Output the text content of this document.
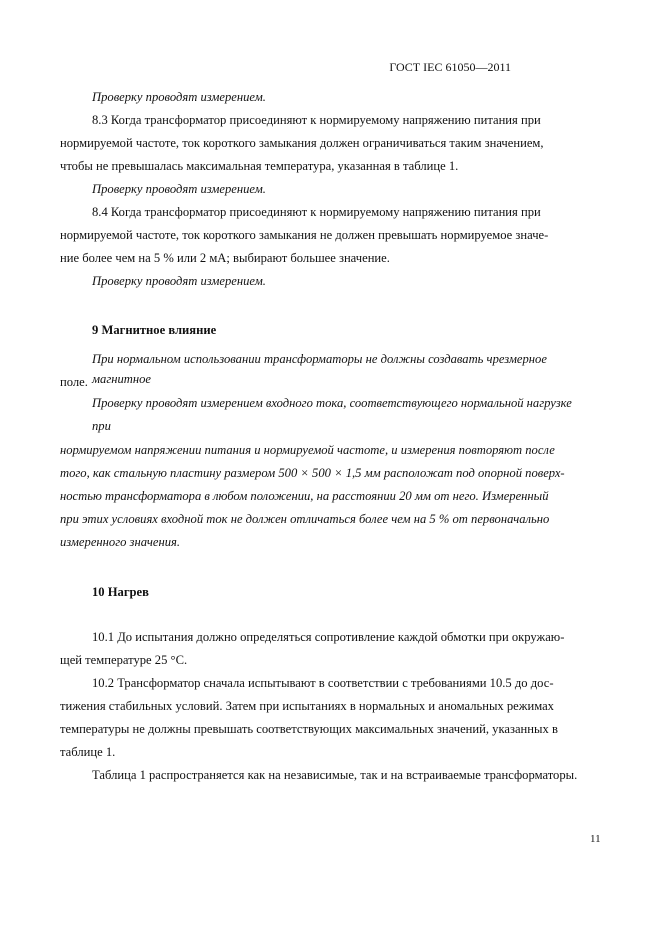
ГОСТ IEC 61050—2011
Проверку проводят измерением.
8.3 Когда трансформатор присоединяют к нормируемому напряжению питания при
нормируемой частоте, ток короткого замыкания должен ограничиваться таким значением,
чтобы не превышалась максимальная температура, указанная в таблице 1.
Проверку проводят измерением.
8.4 Когда трансформатор присоединяют к нормируемому напряжению питания при
нормируемой частоте, ток короткого замыкания не должен превышать нормируемое значе-
ние более чем на 5 % или 2 мА; выбирают большее значение.
Проверку проводят измерением.
9 Магнитное влияние
При нормальном использовании трансформаторы не должны создавать чрезмерное
поле. магнитное
Проверку проводят измерением входного тока, соответствующего нормальной нагрузке
при
нормируемом напряжении питания и нормируемой частоте, и измерения повторяют после
того, как стальную пластину размером 500 × 500 × 1,5 мм расположат под опорной поверх-
ностью трансформатора в любом положении, на расстоянии 20 мм от него. Измеренный
при этих условиях входной ток не должен отличаться более чем на 5 % от первоначально
измеренного значения.
10 Нагрев
10.1 До испытания должно определяться сопротивление каждой обмотки при окружаю-
щей температуре 25 °С.
10.2 Трансформатор сначала испытывают в соответствии с требованиями 10.5 до дос-
тижения стабильных условий. Затем при испытаниях в нормальных и аномальных режимах
температуры не должны превышать соответствующих максимальных значений, указанных в
таблице 1.
Таблица 1 распространяется как на независимые, так и на встраиваемые трансформаторы.
11
